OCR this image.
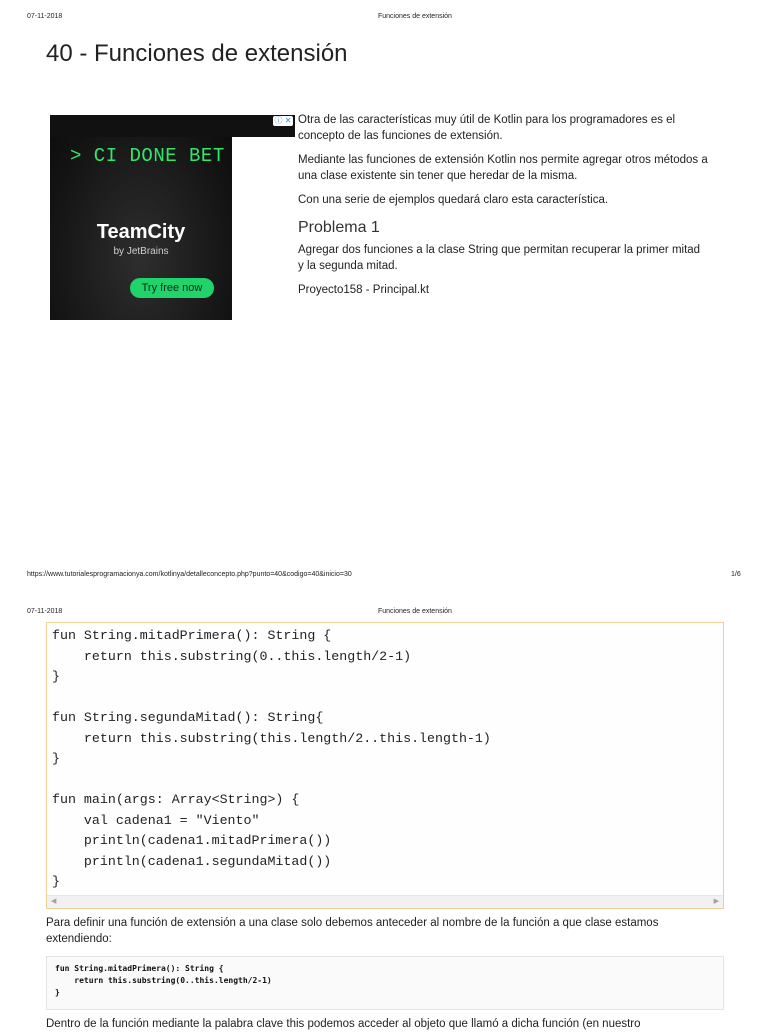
07-11-2018	Funciones de extensión
40 - Funciones de extensión
> CI DONE BET
ⓘ ✕
TeamCity
by JetBrains
Try free now

Otra de las características muy útil de Kotlin para los programadores es el concepto de las funciones de extensión.

Mediante las funciones de extensión Kotlin nos permite agregar otros métodos a una clase existente sin tener que heredar de la misma.

Con una serie de ejemplos quedará claro esta característica.

Problema 1

Agregar dos funciones a la clase String que permitan recuperar la primer mitad y la segunda mitad.

Proyecto158 - Principal.kt

https://www.tutorialesprogramacionya.com/kotlinya/detalleconcepto.php?punto=40&codigo=40&inicio=30	1/6
07-11-2018	Funciones de extensión
fun String.mitadPrimera(): String {
return this.substring(0..this.length/2-1)
}

fun String.segundaMitad(): String{
return this.substring(this.length/2..this.length-1)
}

fun main(args: Array<String>) {
val cadena1 = "Viento"
println(cadena1.mitadPrimera())
println(cadena1.segundaMitad())
}
◀	▶

Para definir una función de extensión a una clase solo debemos anteceder al nombre de la función a que clase estamos extendiendo:

fun String.mitadPrimera(): String {
return this.substring(0..this.length/2-1)
}

Dentro de la función mediante la palabra clave this podemos acceder al objeto que llamó a dicha función (en nuestro
